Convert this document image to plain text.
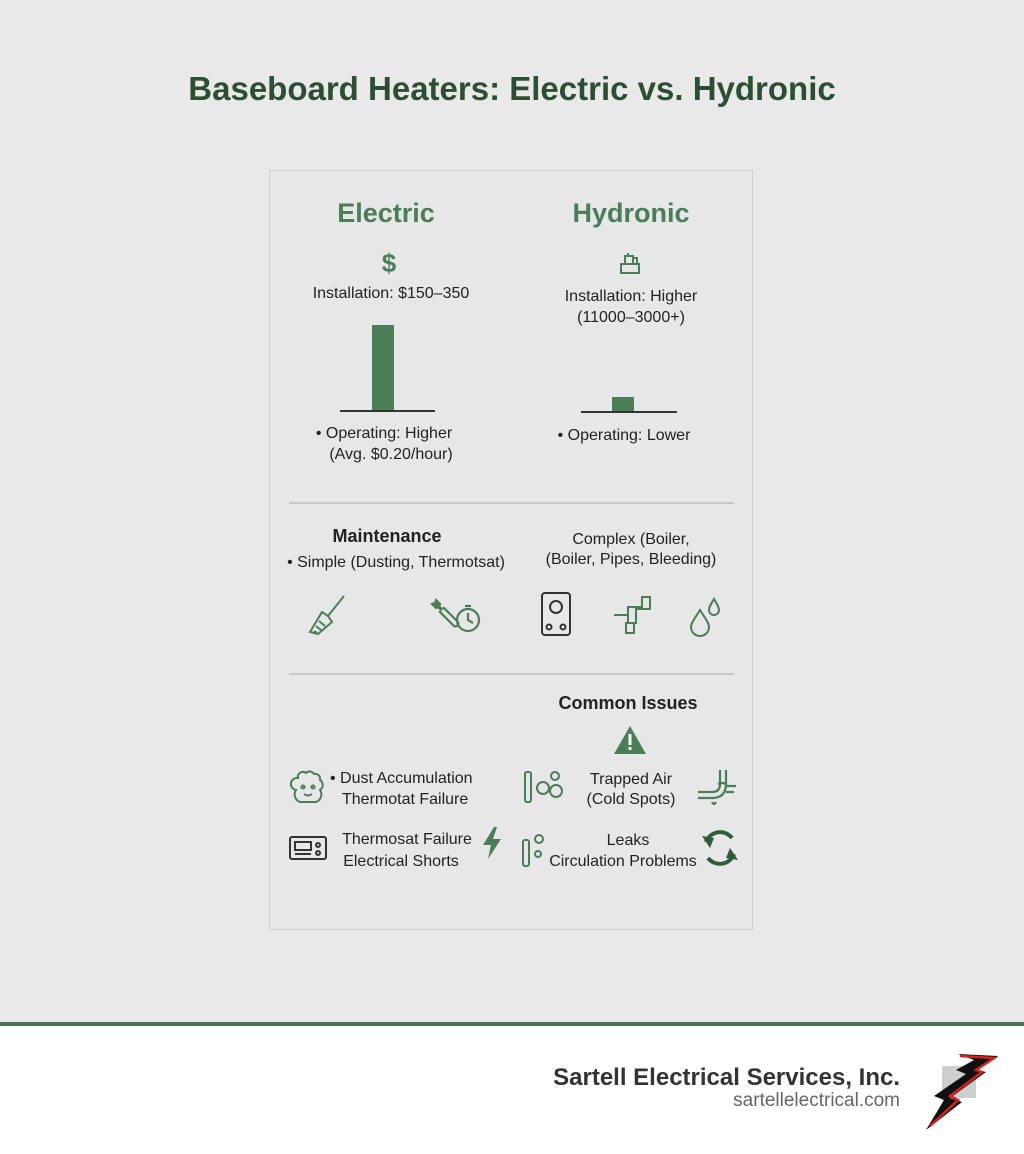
Baseboard Heaters: Electric vs. Hydronic
Electric	Hydronic
$
Installation: $150–350	Installation: Higher
(11000–3000+)
• Operating: Higher
(Avg. $0.20/hour)
• Operating: Lower
Maintenance
• Simple (Dusting, Thermotsat)
Complex (Boiler,
(Boiler, Pipes, Bleeding)
Common Issues
• Dust Accumulation
Thermotat Failure
Thermosat Failure
Electrical Shorts
Trapped Air
(Cold Spots)
Leaks
Circulation Problems
Sartell Electrical Services, Inc.
sartellelectrical.com
